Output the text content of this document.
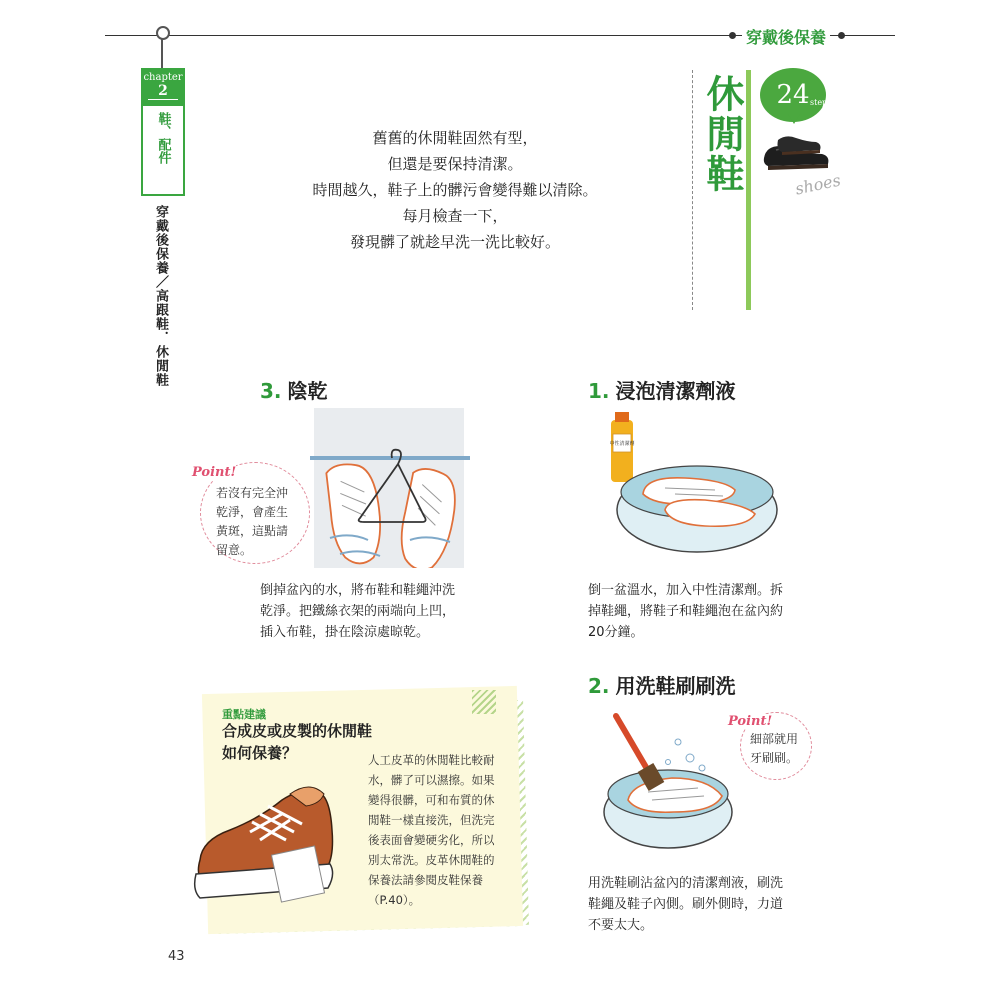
穿戴後保養
chapter
2
鞋、配件
穿戴後保養／高跟鞋．休閒鞋
舊舊的休閒鞋固然有型，
但還是要保持清潔。
時間越久，鞋子上的髒污會變得難以清除。
每月檢查一下，
發現髒了就趁早洗一洗比較好。
休閒鞋	24 step
shoes
3. 陰乾
Point!
若沒有完全沖
乾淨，會產生
黃斑，這點請
留意。
倒掉盆內的水，將布鞋和鞋繩沖洗
乾淨。把鐵絲衣架的兩端向上凹，
插入布鞋，掛在陰涼處晾乾。
1. 浸泡清潔劑液
中性清潔劑
倒一盆溫水，加入中性清潔劑。拆
掉鞋繩，將鞋子和鞋繩泡在盆內約
20分鐘。
2. 用洗鞋刷刷洗
Point!
細部就用
牙刷刷。
用洗鞋刷沾盆內的清潔劑液，刷洗
鞋繩及鞋子內側。刷外側時，力道
不要太大。
重點建議
合成皮或皮製的休閒鞋
如何保養？	人工皮革的休閒鞋比較耐
水，髒了可以濕擦。如果
變得很髒，可和布質的休
閒鞋一樣直接洗，但洗完
後表面會變硬劣化，所以
別太常洗。皮革休閒鞋的
保養法請參閱皮鞋保養
（P.40）。
43
